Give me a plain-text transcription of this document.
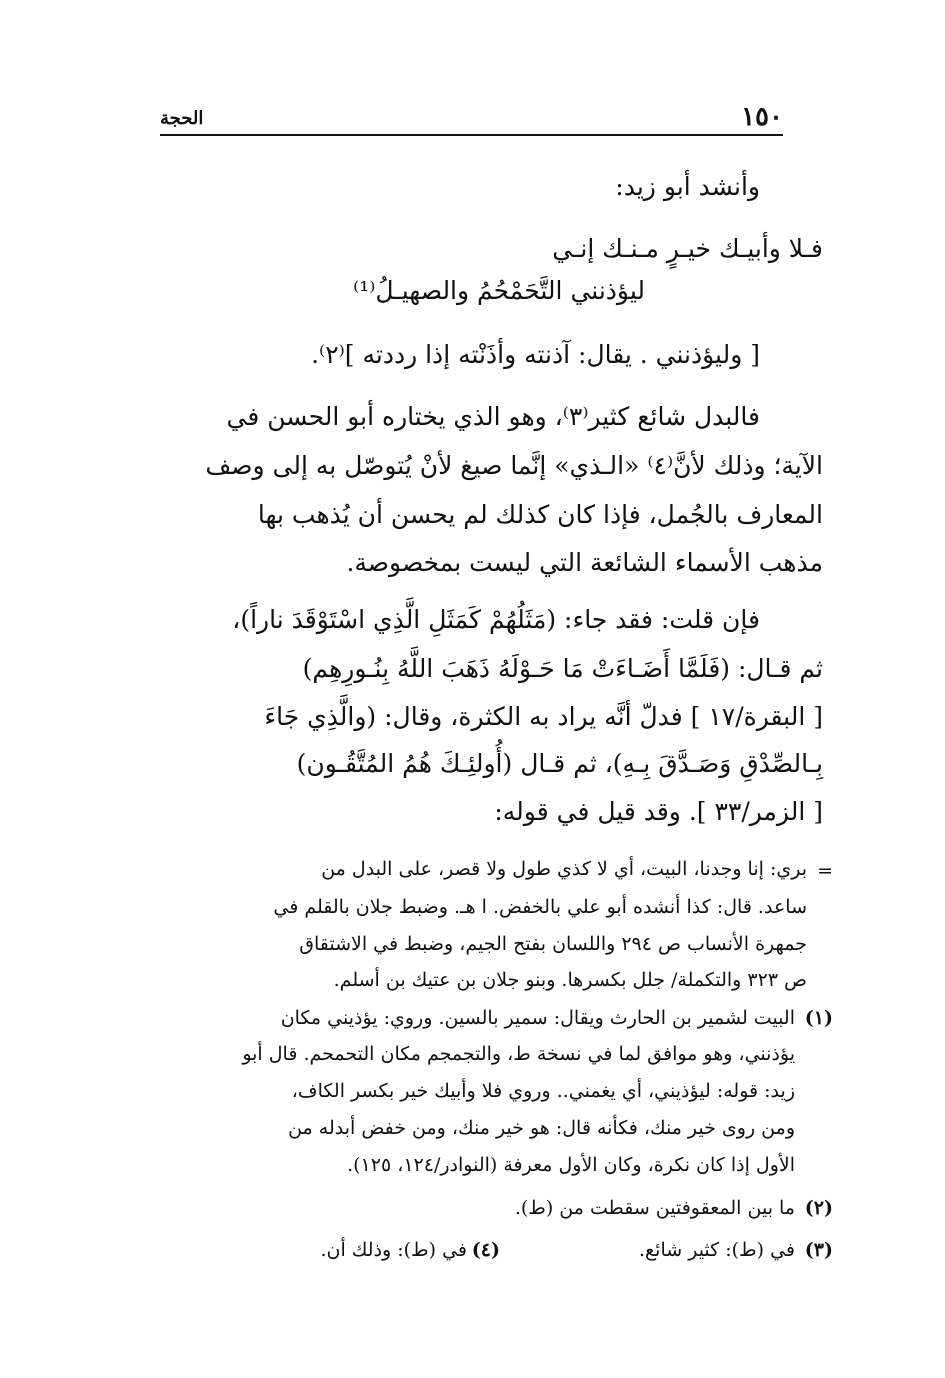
١٥٠
الحجة
وأنشد أبو زيد:
فـلا وأبيـك خيـرٍ مـنـك إنـي
ليؤذنني التَّحَمْحُمُ والصهيـلُ⁽¹⁾
[ وليؤذنني . يقال: آذنته وأذَنْته إذا رددته ]⁽٢⁾.
فالبدل شائع كثير⁽٣⁾، وهو الذي يختاره أبو الحسن في
الآية؛ وذلك لأنَّ⁽٤⁾ «الـذي» إنَّما صيغ لأنْ يُتوصّل به إلى وصف
المعارف بالجُمل، فإذا كان كذلك لم يحسن أن يُذهب بها
مذهب الأسماء الشائعة التي ليست بمخصوصة.
فإن قلت: فقد جاء: (مَثَلُهُمْ كَمَثَلِ الَّذِي اسْتَوْقَدَ ناراً)،
ثم قـال: (فَلَمَّا أَضَـاءَتْ مَا حَـوْلَهُ ذَهَبَ اللَّهُ بِنُـورِهِم)
[ البقرة/١٧ ] فدلّ أنَّه يراد به الكثرة، وقال: (والَّذِي جَاءَ
بِـالصِّدْقِ وَصَـدَّقَ بِـهِ)، ثم قـال (أُولئِـكَ هُمُ المُتَّقُـون)
[ الزمر/٣٣ ]. وقد قيل في قوله:
=
بري: إنا وجدنا، البيت، أي لا كذي طول ولا قصر، على البدل من
ساعد. قال: كذا أنشده أبو علي بالخفض. ا هـ. وضبط جلان بالقلم في
جمهرة الأنساب ص ٢٩٤ واللسان بفتح الجيم، وضبط في الاشتقاق
ص ٣٢٣ والتكملة/ جلل بكسرها. وبنو جلان بن عتيك بن أسلم.
(١)
البيت لشمير بن الحارث ويقال: سمير بالسين. وروي: يؤذيني مكان
يؤذنني، وهو موافق لما في نسخة ط، والتجمجم مكان التحمحم. قال أبو
زيد: قوله: ليؤذيني، أي يغمني.. وروي فلا وأبيك خير بكسر الكاف،
ومن روى خير منك، فكأنه قال: هو خير منك، ومن خفض أبدله من
الأول إذا كان نكرة، وكان الأول معرفة (النوادر/١٢٤، ١٢٥).
(٢)
ما بين المعقوفتين سقطت من (ط).
(٣)
في (ط): كثير شائع.
(٤)
في (ط): وذلك أن.
